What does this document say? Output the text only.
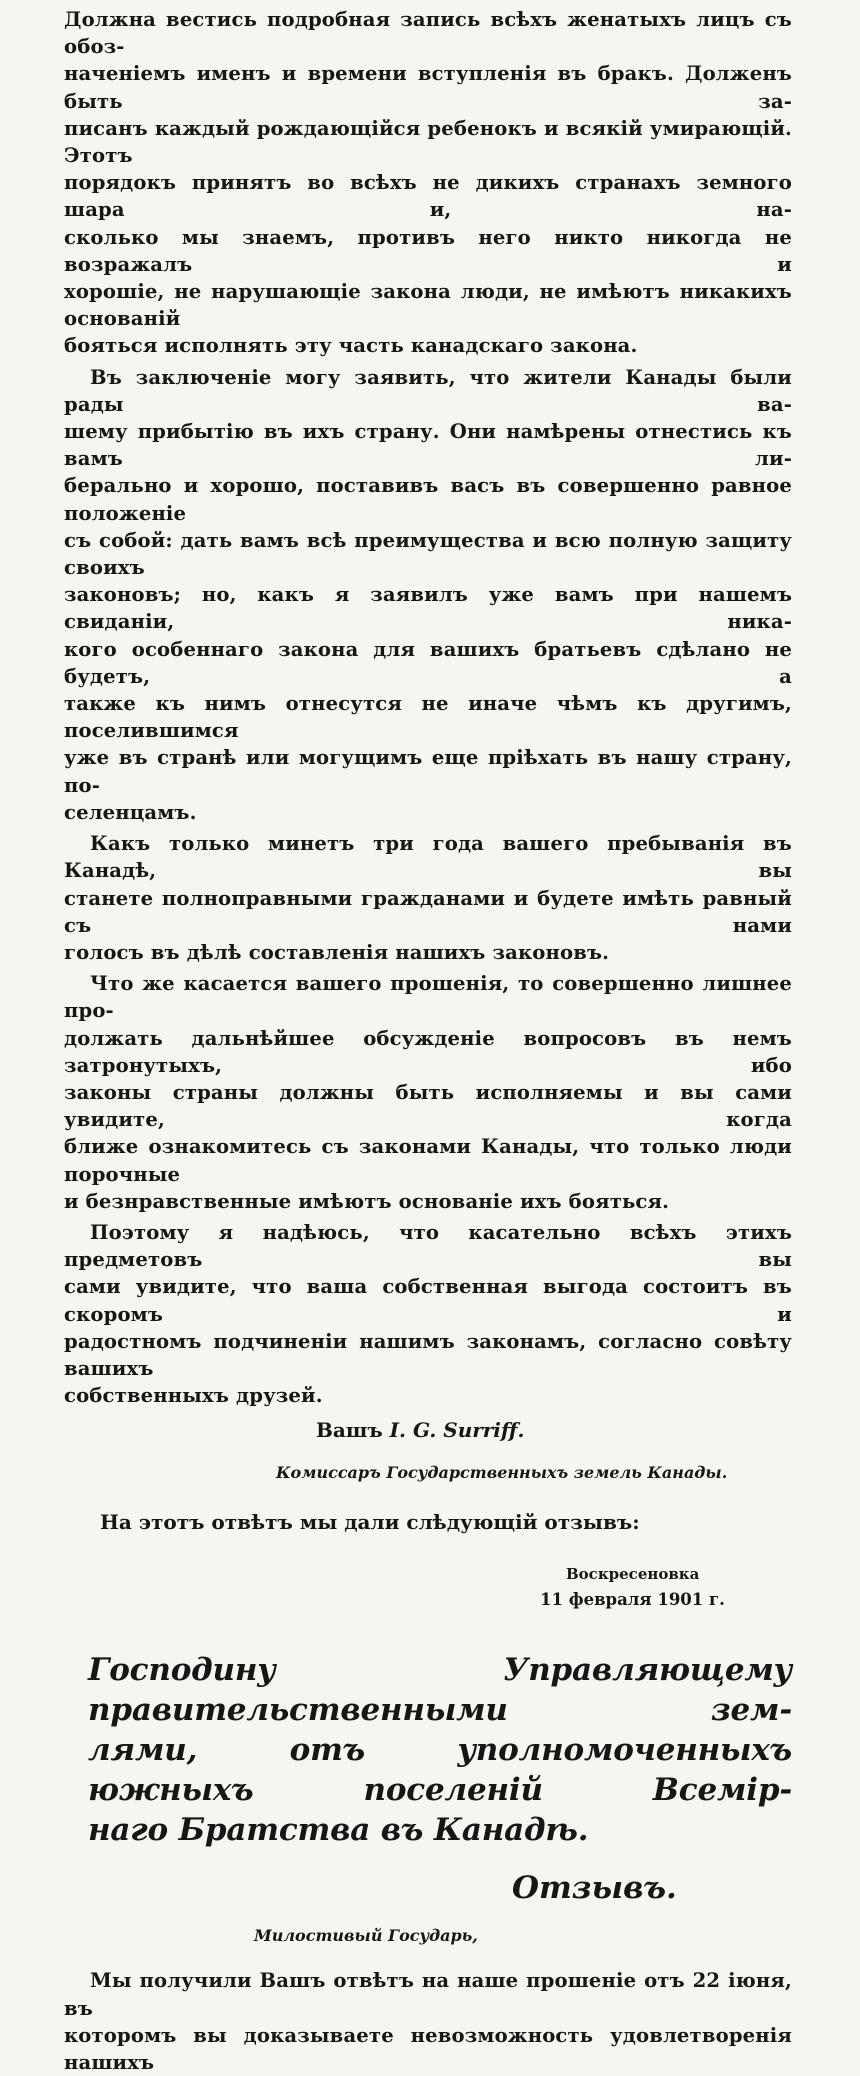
Должна вестись подробная запись всѣхъ женатыхъ лицъ съ обоз-
наченіемъ именъ и времени вступленія въ бракъ. Долженъ быть за-
писанъ каждый рождающійся ребенокъ и всякій умирающій. Этотъ
порядокъ принятъ во всѣхъ не дикихъ странахъ земного шара и, на-
сколько мы знаемъ, противъ него никто никогда не возражалъ и
хорошіе, не нарушающіе закона люди, не имѣютъ никакихъ основаній
бояться исполнять эту часть канадскаго закона.

Въ заключеніе могу заявить, что жители Канады были рады ва-
шему прибытію въ ихъ страну. Они намѣрены отнестись къ вамъ ли-
берально и хорошо, поставивъ васъ въ совершенно равное положеніе
съ собой: дать вамъ всѣ преимущества и всю полную защиту своихъ
законовъ; но, какъ я заявилъ уже вамъ при нашемъ свиданіи, никa-
кого особеннаго закона для вашихъ братьевъ сдѣлано не будетъ, а
также къ нимъ отнесутся не иначе чѣмъ къ другимъ, поселившимся
уже въ странѣ или могущимъ еще пріѣхать въ нашу страну, по-
селенцамъ.

Какъ только минетъ три года вашего пребыванія въ Канадѣ, вы
станете полноправными гражданами и будете имѣть равный съ нами
голосъ въ дѣлѣ составленія нашихъ законовъ.

Что же касается вашего прошенія, то совершенно лишнее про-
должать дальнѣйшее обсужденіе вопросовъ въ немъ затронутыхъ, ибо
законы страны должны быть исполняемы и вы сами увидите, когда
ближе ознакомитесь съ законами Канады, что только люди порочные
и безнравственные имѣютъ основаніе ихъ бояться.

Поэтому я надѣюсь, что касательно всѣхъ этихъ предметовъ вы
сами увидите, что ваша собственная выгода состоитъ въ скоромъ и
радостномъ подчиненіи нашимъ законамъ, согласно совѣту вашихъ
собственныхъ друзей.

Вашъ I. G. Surriff.
Комиссаръ Государственныхъ земель Канады.
На этотъ отвѣтъ мы дали слѣдующій отзывъ:
Воскресеновка
11 февраля 1901 г.
Господину Управляющему правительственными зем-
лями, отъ уполномоченныхъ южныхъ поселеній Всемір-
наго Братства въ Канадѣ.
Отзывъ.
Милостивый Государь,

Мы получили Вашъ отвѣтъ на наше прошеніе отъ 22 іюня, въ
которомъ вы доказываете невозможность удовлетворенія нашихъ
